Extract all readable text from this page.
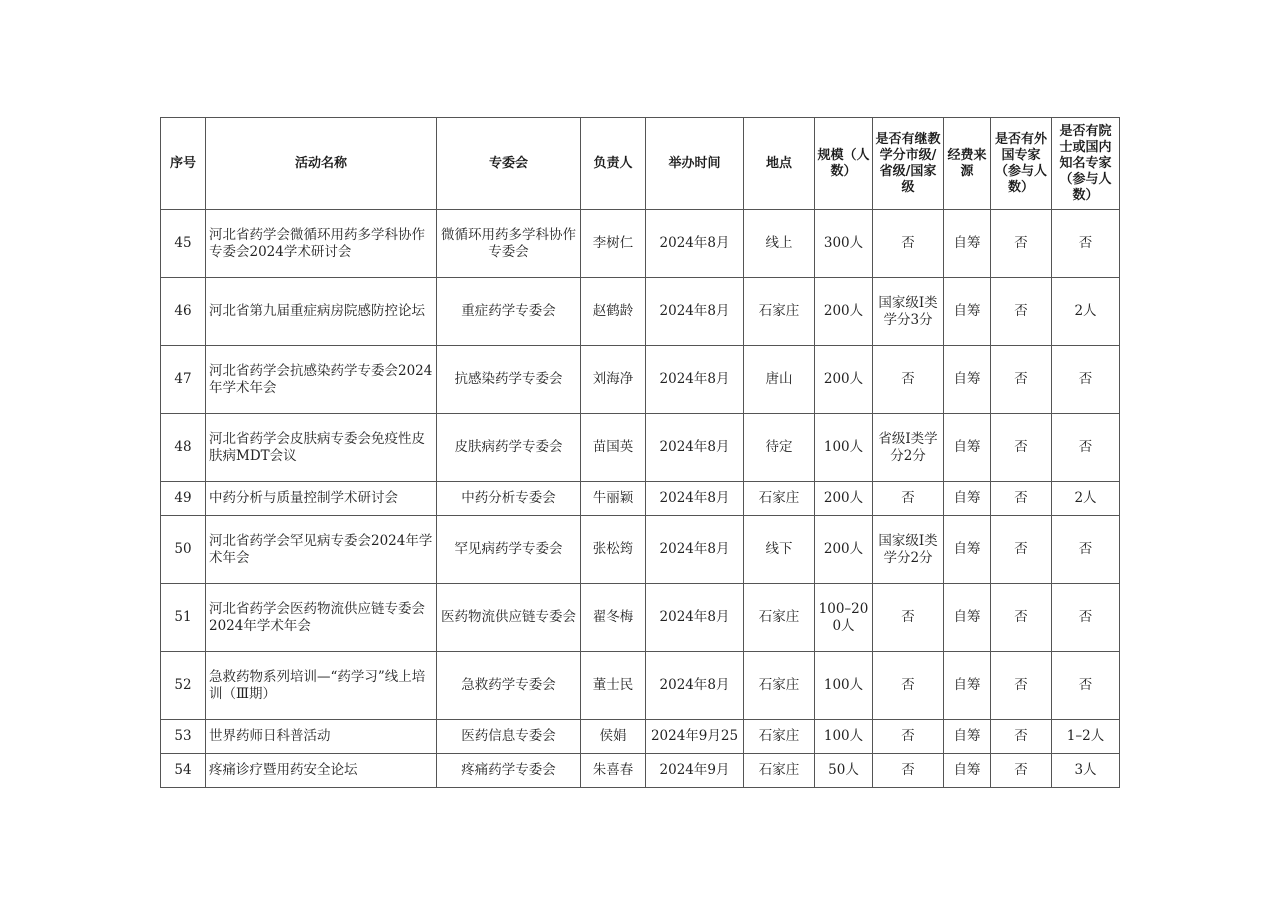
序号	活动名称	专委会	负责人	举办时间	地点	规模（人数）	是否有继教学分市级/省级/国家级	经费来源	是否有外国专家（参与人数）	是否有院士或国内知名专家（参与人数）
45	河北省药学会微循环用药多学科协作专委会2024学术研讨会	微循环用药多学科协作专委会	李树仁	2024年8月	线上	300人	否	自筹	否	否
46	河北省第九届重症病房院感防控论坛	重症药学专委会	赵鹤龄	2024年8月	石家庄	200人	国家级Ⅰ类学分3分	自筹	否	2人
47	河北省药学会抗感染药学专委会2024年学术年会	抗感染药学专委会	刘海净	2024年8月	唐山	200人	否	自筹	否	否
48	河北省药学会皮肤病专委会免疫性皮肤病MDT会议	皮肤病药学专委会	苗国英	2024年8月	待定	100人	省级Ⅰ类学分2分	自筹	否	否
49	中药分析与质量控制学术研讨会	中药分析专委会	牛丽颖	2024年8月	石家庄	200人	否	自筹	否	2人
50	河北省药学会罕见病专委会2024年学术年会	罕见病药学专委会	张松筠	2024年8月	线下	200人	国家级Ⅰ类学分2分	自筹	否	否
51	河北省药学会医药物流供应链专委会2024年学术年会	医药物流供应链专委会	翟冬梅	2024年8月	石家庄	100–200人	否	自筹	否	否
52	急救药物系列培训—“药学习”线上培训（Ⅲ期）	急救药学专委会	董士民	2024年8月	石家庄	100人	否	自筹	否	否
53	世界药师日科普活动	医药信息专委会	侯娟	2024年9月25	石家庄	100人	否	自筹	否	1–2人
54	疼痛诊疗暨用药安全论坛	疼痛药学专委会	朱喜春	2024年9月	石家庄	50人	否	自筹	否	3人
